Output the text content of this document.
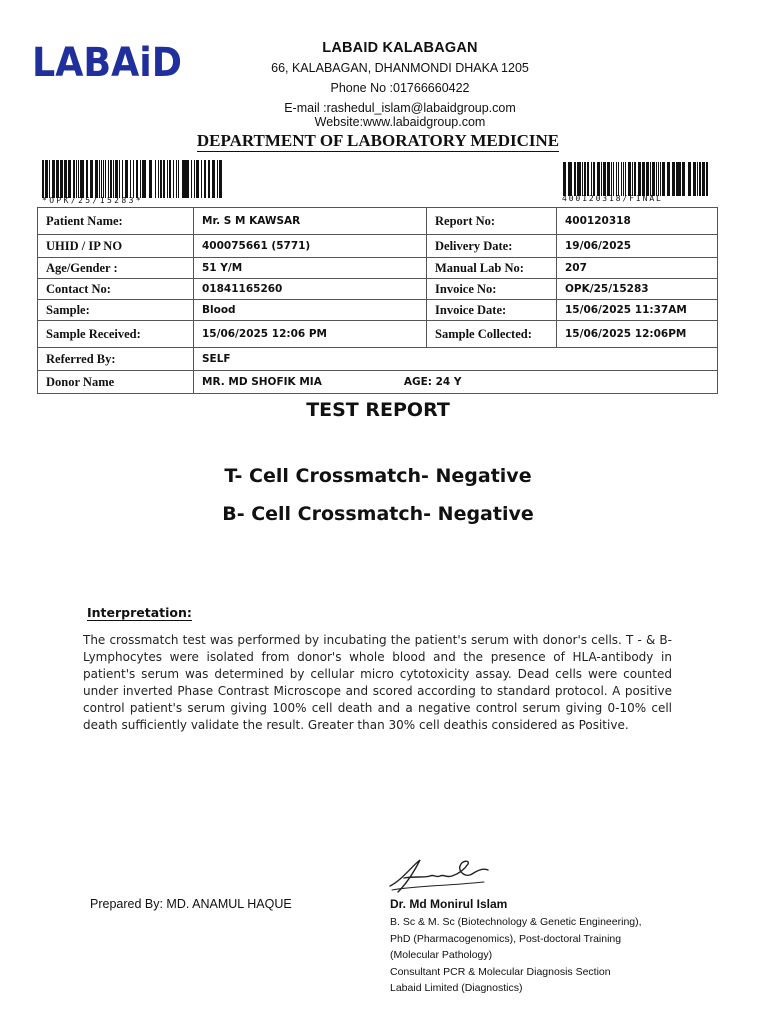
LABAiD	LABAID KALABAGAN
66, KALABAGAN, DHANMONDI DHAKA 1205
Phone No :01766660422
E-mail :rashedul_islam@labaidgroup.com Website:www.labaidgroup.com
DEPARTMENT OF LABORATORY MEDICINE
*OPK/25/15283*	400120318/FINAL
Patient Name:	Mr. S M KAWSAR	Report No:	400120318
UHID / IP NO	400075661 (5771)	Delivery Date:	19/06/2025
Age/Gender :	51 Y/M	Manual Lab No:	207
Contact No:	01841165260	Invoice No:	OPK/25/15283
Sample:	Blood	Invoice Date:	15/06/2025 11:37AM
Sample Received:	15/06/2025 12:06 PM	Sample Collected:	15/06/2025 12:06PM
Referred By:	SELF		
Donor Name	MR. MD SHOFIK MIA AGE: 24 Y		
TEST REPORT
T- Cell Crossmatch- Negative
B- Cell Crossmatch- Negative
Interpretation:
The crossmatch test was performed by incubating the patient's serum with donor's cells. T - & B-Lymphocytes were isolated from donor's whole blood and the presence of HLA-antibody in patient's serum was determined by cellular micro cytotoxicity assay. Dead cells were counted under inverted Phase Contrast Microscope and scored according to standard protocol. A positive control patient's serum giving 100% cell death and a negative control serum giving 0-10% cell death sufficiently validate the result. Greater than 30% cell deathis considered as Positive.
Prepared By: MD. ANAMUL HAQUE	Dr. Md Monirul Islam
B. Sc & M. Sc (Biotechnology & Genetic Engineering),
PhD (Pharmacogenomics), Post-doctoral Training
(Molecular Pathology)
Consultant PCR & Molecular Diagnosis Section
Labaid Limited (Diagnostics)
